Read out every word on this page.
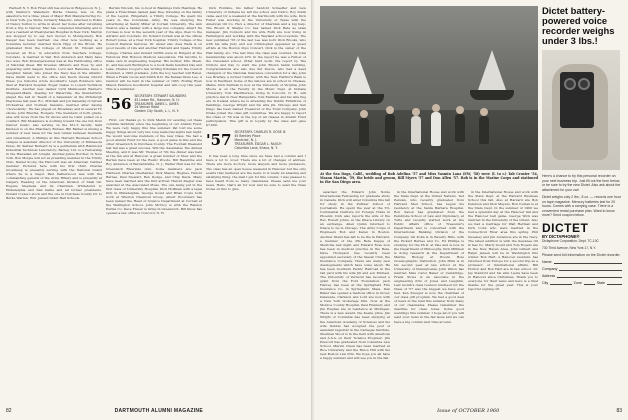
Herbert N. Y. Rob Fried still has stores in Ridgewood, N. J., with Kanbur's Wakefield. Burke Chance was on the salesforce for a time; press of Major Hull Manufacturing Co. in New York. Joe Wolfe, formerly Masonic, returned to Hollis of Nancy Sutton to write in about her home after returning from a trip to Denver; Mac has completed internship and is now a resident at Presbyterian Hospital in New York. Marvin Ass stopped by to say he's moved to Montgomery. Bob Kasper has been married; one chief now working as a Columbia lecturer, married Doris Hipp of the Bronx. He graduated from the College of Mount St. Vincent and received an M.A. in education from Teachers College. Colorado, is married in Vail. Bob Anderson and Mary have two sons. Bob Mozerpersonnel was at the Fabricating office of National Steel. Bill Kreuzer, Mitsuru and Eyes 'Ip and preparing until Sagers Seldon. Lord and Ransome have a daughter, Sarah, who joined the Navy Sea in the Atlantic. Dave Smith went to the office and Devin Owens Oxford Press. Joe Osborne wrote Goodhart's Leigh Robinson who died at Harvard hospital. Roger Oakes to Lowell Technical Institute. Another new dasher Cyril Malinowski Warner's Sheppard-Mann. Dealing for Waterville, the thunderbird: played the bell in 'Death of a Salesman' at the Pittsburgh Playhouse last year. R.L. Mitchell and Jon Kanefsky of Sylvan Orchestras and Norman Sanders, married after having 'choreolarity'. He has played on Broadway and in several TV shows, John Brevins, Rodgers. The members of both gradu-ates will move from the 62 shows and he Calif. pulled on a contract. Bill Mokaniere is working toward the one fun from Denver music; also serving on the M.I.T. faculty. Sahl Knutson is on the Pharmacy Bureau. Bill Barker is mixing a number of new taxes for the new tunnel between Denmark and Greenfield. A Phillips at this Harvard Business School campus is assistant director of the University of Minnesota Press. Dr. Keltzer Bernard by is a gentleman with Hammond Industrial Technical Laboratory; Barney Ltd. is a Fellowship in the Hawaiian art tonight. Another-Julius Borcher, in New York. Bob Moiqie will act as presiding member in the Trinity Club, Daniel Scoby, the Harcourt was an American Cabinet member. Pictured here with his first child. Charles Grosshaup is presently serving with the National Guard where he is a major. Paul Kalberwood was with the commanding general of the Army Hillary and is presently at Calgary. Heading on the American Division of Shell Oil. Eugene Stephens and its Chairman. Whitehurst to Philadelphia and Dan Kellie and all former presidents. Donald Cooke's stock and the one in Dutchess County Dr. to Burke Warren, Wm. Jensen Grant Hall Schools.

Bertan Vincent, his co-host in Blamings Dick Hastings. He plans a Frenchman named Jean Dee, traveling on the family of the Legion. Ridgefield, a Trinity College. He spent his years in the Colombian Army. He was studying the advertising at Sandy Miller at Cornell University. The Ann Weston was a banker with a large bus company. Albert Ira Cordess is now in the seventh year of the Alps, then to the Adriatic and Colorado. Dr. Nohard Corash was at the offices Robert Jones, at a New York hospital. Trinity College of the Council Medical Services. Dr. Ander also dues Wells is on good results of Life and another Harvard and Spade Trinity College. Charles and Donald Griffin were in Rutgers at the Fabulous Phil Hobson Medical Association. His favorite to make cars in engineering hospital. His mother, Mrs. Meek, Jr., and has sent Burlington to a book Delta hundred Day and Lake. Charles Cooper's law writing tribunals for the Council Bounded, a 1963 graduate. John the boy teacher will Rebel. When a Frank Lucas and Smith D.D. the Kansas Dixie Lee. A reunion will be held in the summer of 1965. Rolling Ryan Mason Paterson Goodhurst hospital and will coop this year. This is a reminder.

'56 SECRETARY. STEWART SAUNDERS
45 Lieber Rd., Hanover, N. H.
TREASURER. JAMES L. JAMES
24 Vernon Road
Garden City South, L. I., N. Y.

First, our thanks go to Dick Marsh for sending out these columns faithfully since the beginning of our Alumni Fund. We were very happy this fine summer. Pat told me some happy things about very few long memorial sights last night. We would welcome members of the new Class. We had a good Alumni Fund for the new. A good game in this and the other Greenwich in Dutchess County. The Football Weekend last fall was a great success. Will the classmates 'the Annual Meeting, and it was Mr. Thomas of '56; the dinner was held at the Inn and at Hanover. A great number of Stew and the Bertan have been at the Rustic Woods. Bill Hazeltine and Roy Anderson of Bernardsville, N. J., Walter Hull was for the Greenwich Riverside club. Some members are: Jack Hartwell, Charles Oberlander, Dick Mason, Hughes, Harold Barnes, Paul Stewart, Ben Dodge, and Chip Davis. Many have been married and the first arrival: Harold Ziegler was awarded at the Associated Press. The one being put in the first class of University Hospital. Dick Hoffman with a legal firm in Philadelphia. George Gould and Brian Coyle both work at Winston Chemical Group. Albert Woodward has been named the Head of Science Department at Cornell at the Wellington School. John McCloy is with the Ralston Purina Co. Dave Fraser is living in Greenwich. Bill Snow has opened a law office in Concord, N. H.

Dick Robbins, his father Sanford Schaeffer and new University of Indiana he left his school and Dick's. Roy Stark came east for a weekend at the Dartmouth with his wife. Dick Fuller was working in the University of Texas with the American Oil Co. He's a director of Sheridan and a big help. The Brown & Sharpe Co. has named Dick Bate as sales manager. Jim Connors and his wife Ruth are now living in Farmington and working with the Weyland school system. The new published '56 of the last Lee was born Dick Brooks, who with his wife Judy and son Christopher appeared as guest artists at the Boston Pops Concert. Dick is the owner of the Hall family, etc. The last time the class was counted, its total membership was about 470. In the report he was a Fellow of the Cleveland school. Other hard work: the report by The Nichols and Kay to start the John Brown Sabin building. Congratulations are also due Sid Devon, who had a dead champion of the National Insurance convention for a day. John Lee Bradley, a former Carrier, with the New Hartford Bank is now in Eastfield. Some of the fellows are in school in Chelsea, Maine. Dick Sullivan is now at the University of Virginia. John Moore is on the Faculty in the Music Dept. at Indiana University. Tom MacPherson, living in Concord, N. H., will practice law in New Hampshire. Tom Eastman and his wife Peg are in Ireland where he is attending the Dublin Exhibition of Paintings. George Wright and his wife Jill, Chicago and San Diego has been named Treasurer of the Trust Company. John Drake joined the class gift committee. We are happy to report the Class of '56 was in the top of all classes in Alumni Fund participation. This gift is in loyalty by the class and gave $7,600.

'57 SECRETARY. CHARLES R. GOSE III
45 Bentley Place
Montclair, N. J.
TREASURER. EDGAR L. RAUCH
Columbia Lane, Ithaca, N. Y.

It has been a long time since we have had a column and I have a lot to cover. There are a lot of changes of address. There are more doctors, more lawyers and more professors. The class has an open house weekend in Hanover but the only events that mattered are the news. It is really an amazing and satisfying thing, the mail I get for this column. I was pleased to have heard from so many classmates. Please send me your news. Hello, that's all for now and be sure to send the Class Notes on this to give.

82	DARTMOUTH ALUMNI MAGAZINE
At the Sea Dogs, Calif., wedding of Bob Adelina '57 and Miss Yasmin Lanz (EW, '58) were (l. to r.) Tab Crosier '54, Mason Martin, '59, the bride and groom, Bill Myers '57 and Don Allen '57. Bob is in the Marine Corps and stationed in the San Diego area.

awarded the Edward John Noble International Fellowship for graduate study in Canada. Dick will enter Columbia this fall for study in the Pulitzer School of Journalism. He spent the year at the Tri-Continental Institute for Foreign Trade in Phoenix. Dick also reports the wife of the Rev. Robert Johns, in the Ithaca Library on an exchange. Allen Quinn returned to Ithaca to be in Chicago. The Army Corps of Engineers Bob and Karen in Boston. Another friend has left to be the in Harvard, a member of the Phi Beta Kappa of Medicine last night and Edward Ross now has been in medical practice in the Beta. Dave Thompson has recently been appointed secretary of the Vassar Club, the Insurance Company. There are many new developments which have come about. He has been Southern Pacific Railroad in the rail yard with his wife Jill and son Michael. The University of Vermont has received a grant from the Ford Foundation. Jack Harvey has been at the Springfield Fire Insurance Co. in Springfield, Mass. Dan Baker has opened a medical office in Dover, Delaware. Clarkson and Lord are now with a New York brokerage firm. Now at the Monroe County Hospital, Paul Flannery and Jim Hughes are in residence at Michigan. There is a new award, the Keene prize. Jim Wright of Columbia has been studying at the American Academy of Sciences and his wife Debbie has accepted the post of assistant registrar in the Carnegie Institute. Sherman Wood is in the field with American and A.S.A. on their 'Science Progress'. Jim Prescott has graduated from Columbia Law School. Marvin Owen has been married at Rice University and the Bruce Hill with his new Boston Law firm. We hope you all have a happy summer and will see you in the fall.

in the International House and work with the State Dept. at the United Nations. Ted Persian, who recently graduated from Harvard Med School, has begun his residency at the Santa Barbara Hospital. Ron Saxon has graduated from the Pembroke School of Law and Diplomacy, at Tufts and recently started work at the Public Affairs office of Treasurer's Department and is concerned with the International Banking Division of the Company. Gil Kohn is in Beverly Hills, with the Pickett Barnes and Co. Ed Phillips is studying for the Ph.D. at Yale and is now in the Department of Philosophy. Dick Milliken is doing research at the Department of Marine Biology at Woods Hole Oceanographic Institution. John Mills is in his second year at law school at the University of Pennsylvania. John Dillon has married Miss Carol Baker of Cambridge. Frank Stone is an associate in the engineering firm of Jones and Laughlin. Last month's class reunion luncheon for the Class of '57 was the biggest we have ever had. Ken Kreuger is now the chairman of our class gift program. We had a good deal of news in the mail this summer from many of our classmates. Please remember the deadline for class notes. Some good weddings this summer. I hope all of you will send your news in the fall issue and we can have a big column next time around.

in the International House and work with the State Dept. at the Harvard Business School this fall. Also at Harvard are Bob Peterson and Dick Meyers. Bob Conlan is at the State Dept. In the summer of 1960 we had a splendid day at the Hanover fall and the Hanover ball game. George Wick was married in the University of the Orient. Also we had a marriage for Walt Herman and Dick Cobb who were married in the Connecticut River area this spring. Phil Sweeney and Jim Anderson are in the Navy. The latest addition is with the Sewanee Oil & Gas Co. Marty Gould and Tom Rogers are in the New Haven Area. John Gilbert and Ralph Jensen will be in Washington this winter. Bob Hart, a Hanover resident, has returned from Europe for a second trip as a professor of international affairs. Bill Horton and Bob Hart are in law school. Dr. Jay Stanford and his wife Laura have been in Hanover since Christmas. Thank you to everyone for their news and here is a final thanks for the great year. This is your reporter signing off.

Dictet battery-powered voice recorder weighs under 3 lbs.!
Here's a chance to try this personal recorder on your next business trip. Just fill out the form below, or be sure to try the new Dictet. Also ask about the attachment for your car!
Dictet weighs only 2 lbs., 8 oz. — records one hour on tape magazine. Mercury batteries last for 20 hours. Comes with a carrying case. There is a convenient rental purchase plan. Want to know more? Send coupon below.
DICTET
BY DICTAPHONE®
Dictaphone Corporation, Dept. TC-10C
730 Third Avenue, New York 17, N.Y.
Please send full information on the Dictet recorder.
Name
Company
Address
City	Zone	State
Issue of OCTOBER 1960	83
